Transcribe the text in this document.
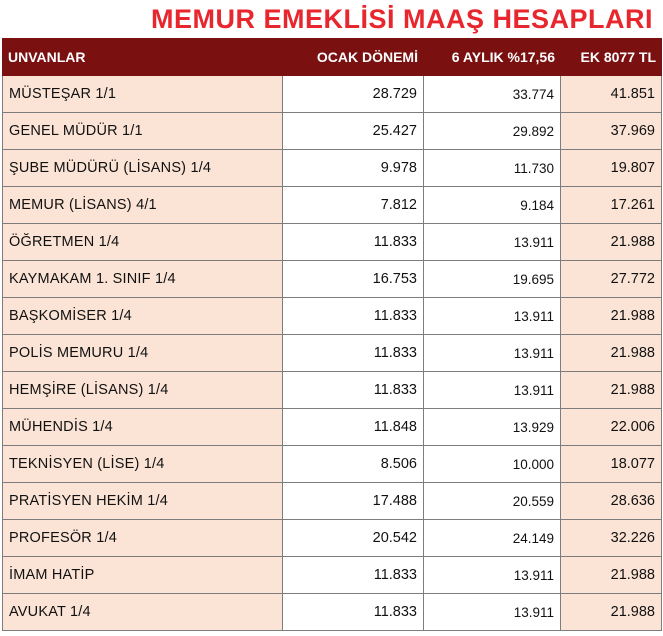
MEMUR EMEKLİSİ MAAŞ HESAPLARI
UNVANLAR	OCAK DÖNEMİ	6 AYLIK %17,56	EK 8077 TL
MÜSTEŞAR 1/1	28.729	33.774	41.851
GENEL MÜDÜR 1/1	25.427	29.892	37.969
ŞUBE MÜDÜRÜ (LİSANS) 1/4	9.978	11.730	19.807
MEMUR (LİSANS) 4/1	7.812	9.184	17.261
ÖĞRETMEN 1/4	11.833	13.911	21.988
KAYMAKAM 1. SINIF 1/4	16.753	19.695	27.772
BAŞKOMİSER 1/4	11.833	13.911	21.988
POLİS MEMURU 1/4	11.833	13.911	21.988
HEMŞİRE (LİSANS) 1/4	11.833	13.911	21.988
MÜHENDİS 1/4	11.848	13.929	22.006
TEKNİSYEN (LİSE) 1/4	8.506	10.000	18.077
PRATİSYEN HEKİM 1/4	17.488	20.559	28.636
PROFESÖR 1/4	20.542	24.149	32.226
İMAM HATİP	11.833	13.911	21.988
AVUKAT 1/4	11.833	13.911	21.988
